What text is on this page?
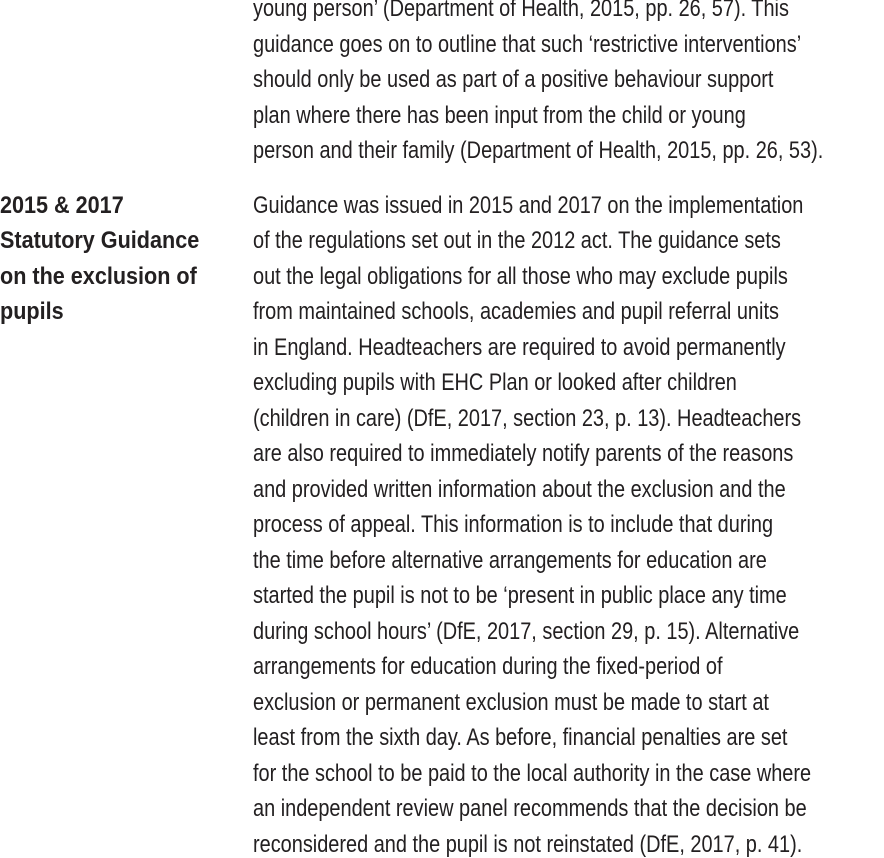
young person’ (Department of Health, 2015, pp. 26, 57). This
guidance goes on to outline that such ‘restrictive interventions’
should only be used as part of a positive behaviour support
plan where there has been input from the child or young
person and their family (Department of Health, 2015, pp. 26, 53).
2015 & 2017
Statutory Guidance
on the exclusion of
pupils
Guidance was issued in 2015 and 2017 on the implementation
of the regulations set out in the 2012 act. The guidance sets
out the legal obligations for all those who may exclude pupils
from maintained schools, academies and pupil referral units
in England. Headteachers are required to avoid permanently
excluding pupils with EHC Plan or looked after children
(children in care) (DfE, 2017, section 23, p. 13). Headteachers
are also required to immediately notify parents of the reasons
and provided written information about the exclusion and the
process of appeal. This information is to include that during
the time before alternative arrangements for education are
started the pupil is not to be ‘present in public place any time
during school hours’ (DfE, 2017, section 29, p. 15). Alternative
arrangements for education during the fixed-period of
exclusion or permanent exclusion must be made to start at
least from the sixth day. As before, financial penalties are set
for the school to be paid to the local authority in the case where
an independent review panel recommends that the decision be
reconsidered and the pupil is not reinstated (DfE, 2017, p. 41).
